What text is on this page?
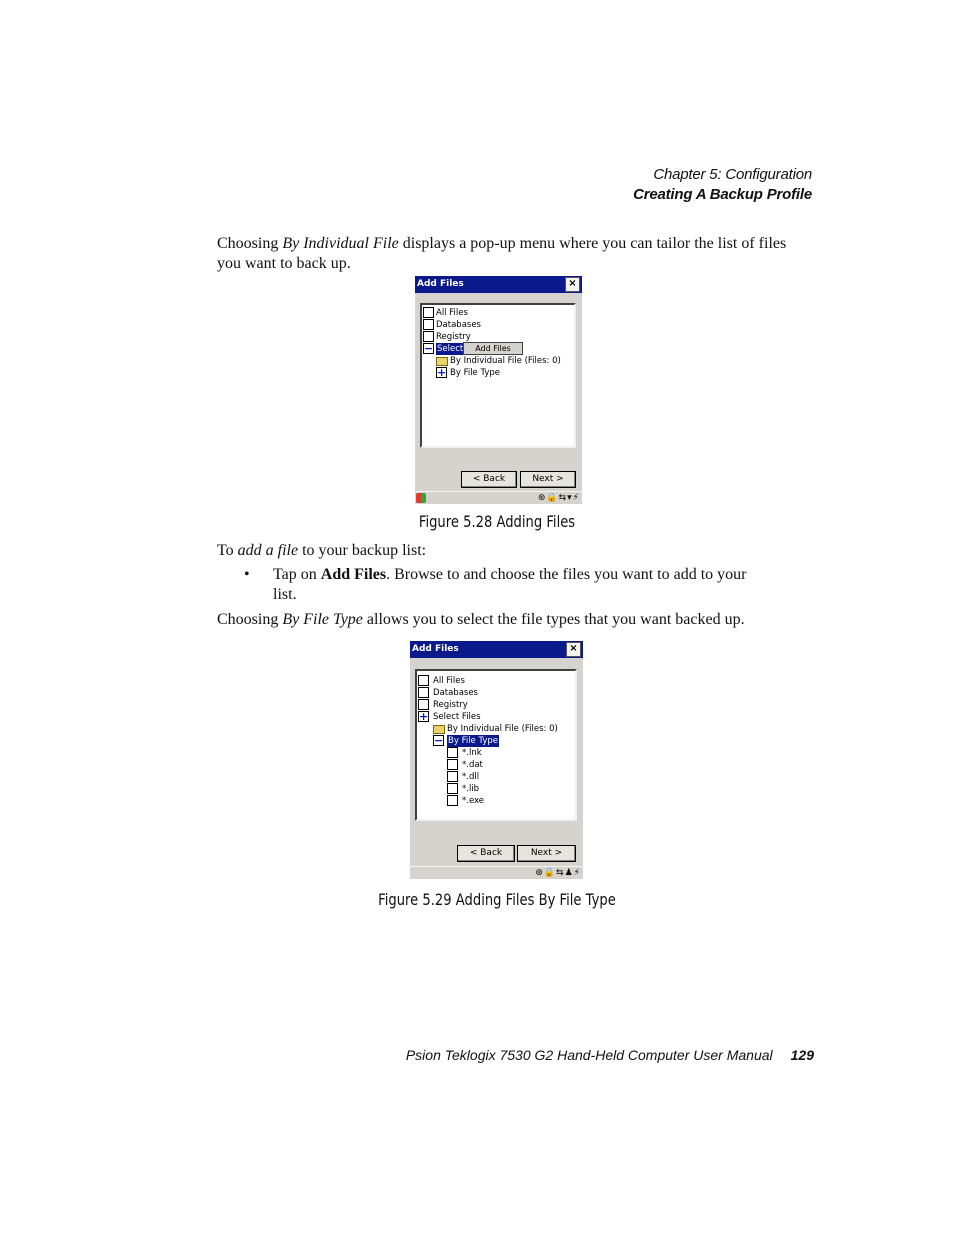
Chapter 5: Configuration
Creating A Backup Profile
Choosing By Individual File displays a pop-up menu where you can tailor the list of files you want to back up.
Add Files	×
All Files
Databases
Registry
− Select
By Individual File (Files: 0)
+ By File Type
Add Files
< Back	Next >
⊛🔒⇆▾⚡
Figure 5.28 Adding Files
To add a file to your backup list:
• Tap on Add Files. Browse to and choose the files you want to add to your list.
Choosing By File Type allows you to select the file types that you want backed up.
Add Files	×
All Files
Databases
Registry
+ Select Files
By Individual File (Files: 0)
− By File Type
*.lnk
*.dat
*.dll
*.lib
*.exe
< Back	Next >
⊛🔒⇆♟⚡
Figure 5.29 Adding Files By File Type
Psion Teklogix 7530 G2 Hand-Held Computer User Manual 129
